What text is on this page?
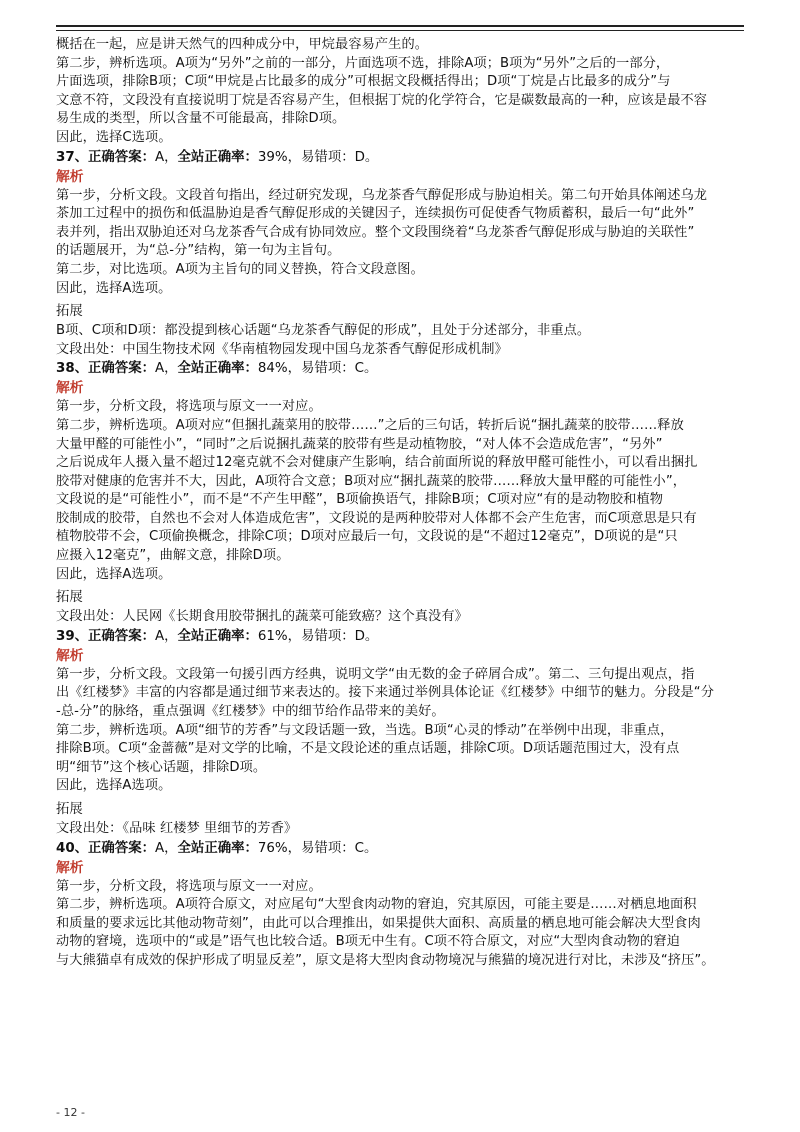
概括在一起，应是讲天然气的四种成分中，甲烷最容易产生的。
第二步，辨析选项。A项为“另外”之前的一部分，片面选项不选，排除A项；B项为“另外”之后的一部分，
片面选项，排除B项；C项“甲烷是占比最多的成分”可根据文段概括得出；D项“丁烷是占比最多的成分”与
文意不符，文段没有直接说明丁烷是否容易产生，但根据丁烷的化学符合，它是碳数最高的一种，应该是最不容
易生成的类型，所以含量不可能最高，排除D项。
因此，选择C选项。
37、正确答案：A，全站正确率：39%，易错项：D。
解析
第一步，分析文段。文段首句指出，经过研究发现，乌龙茶香气醇促形成与胁迫相关。第二句开始具体阐述乌龙
茶加工过程中的损伤和低温胁迫是香气醇促形成的关键因子，连续损伤可促使香气物质蓄积，最后一句“此外”
表并列，指出双胁迫还对乌龙茶香气合成有协同效应。整个文段围绕着“乌龙茶香气醇促形成与胁迫的关联性”
的话题展开，为“总-分”结构，第一句为主旨句。
第二步，对比选项。A项为主旨句的同义替换，符合文段意图。
因此，选择A选项。
拓展
B项、C项和D项：都没提到核心话题“乌龙茶香气醇促的形成”，且处于分述部分，非重点。
文段出处：中国生物技术网《华南植物园发现中国乌龙茶香气醇促形成机制》
38、正确答案：A，全站正确率：84%，易错项：C。
解析
第一步，分析文段，将选项与原文一一对应。
第二步，辨析选项。A项对应“但捆扎蔬菜用的胶带……”之后的三句话，转折后说“捆扎蔬菜的胶带……释放
大量甲醛的可能性小”，“同时”之后说捆扎蔬菜的胶带有些是动植物胶，“对人体不会造成危害”，“另外”
之后说成年人摄入量不超过12毫克就不会对健康产生影响，结合前面所说的释放甲醛可能性小，可以看出捆扎
胶带对健康的危害并不大，因此，A项符合文意；B项对应“捆扎蔬菜的胶带……释放大量甲醛的可能性小”，
文段说的是“可能性小”，而不是“不产生甲醛”，B项偷换语气，排除B项；C项对应“有的是动物胶和植物
胶制成的胶带，自然也不会对人体造成危害”，文段说的是两种胶带对人体都不会产生危害，而C项意思是只有
植物胶带不会，C项偷换概念，排除C项；D项对应最后一句，文段说的是“不超过12毫克”，D项说的是“只
应摄入12毫克”，曲解文意，排除D项。
因此，选择A选项。
拓展
文段出处：人民网《长期食用胶带捆扎的蔬菜可能致癌？这个真没有》
39、正确答案：A，全站正确率：61%，易错项：D。
解析
第一步，分析文段。文段第一句援引西方经典，说明文学“由无数的金子碎屑合成”。第二、三句提出观点，指
出《红楼梦》丰富的内容都是通过细节来表达的。接下来通过举例具体论证《红楼梦》中细节的魅力。分段是“分
-总-分”的脉络，重点强调《红楼梦》中的细节给作品带来的美好。
第二步，辨析选项。A项“细节的芳香”与文段话题一致，当选。B项“心灵的悸动”在举例中出现，非重点，
排除B项。C项“金蔷薇”是对文学的比喻，不是文段论述的重点话题，排除C项。D项话题范围过大，没有点
明“细节”这个核心话题，排除D项。
因此，选择A选项。
拓展
文段出处：《品味 红楼梦 里细节的芳香》
40、正确答案：A，全站正确率：76%，易错项：C。
解析
第一步，分析文段，将选项与原文一一对应。
第二步，辨析选项。A项符合原文，对应尾句“大型食肉动物的窘迫，究其原因，可能主要是……对栖息地面积
和质量的要求远比其他动物苛刻”，由此可以合理推出，如果提供大面积、高质量的栖息地可能会解决大型食肉
动物的窘境，选项中的“或是”语气也比较合适。B项无中生有。C项不符合原文，对应“大型肉食动物的窘迫
与大熊猫卓有成效的保护形成了明显反差”，原文是将大型肉食动物境况与熊猫的境况进行对比，未涉及“挤压”。
- 12 -
